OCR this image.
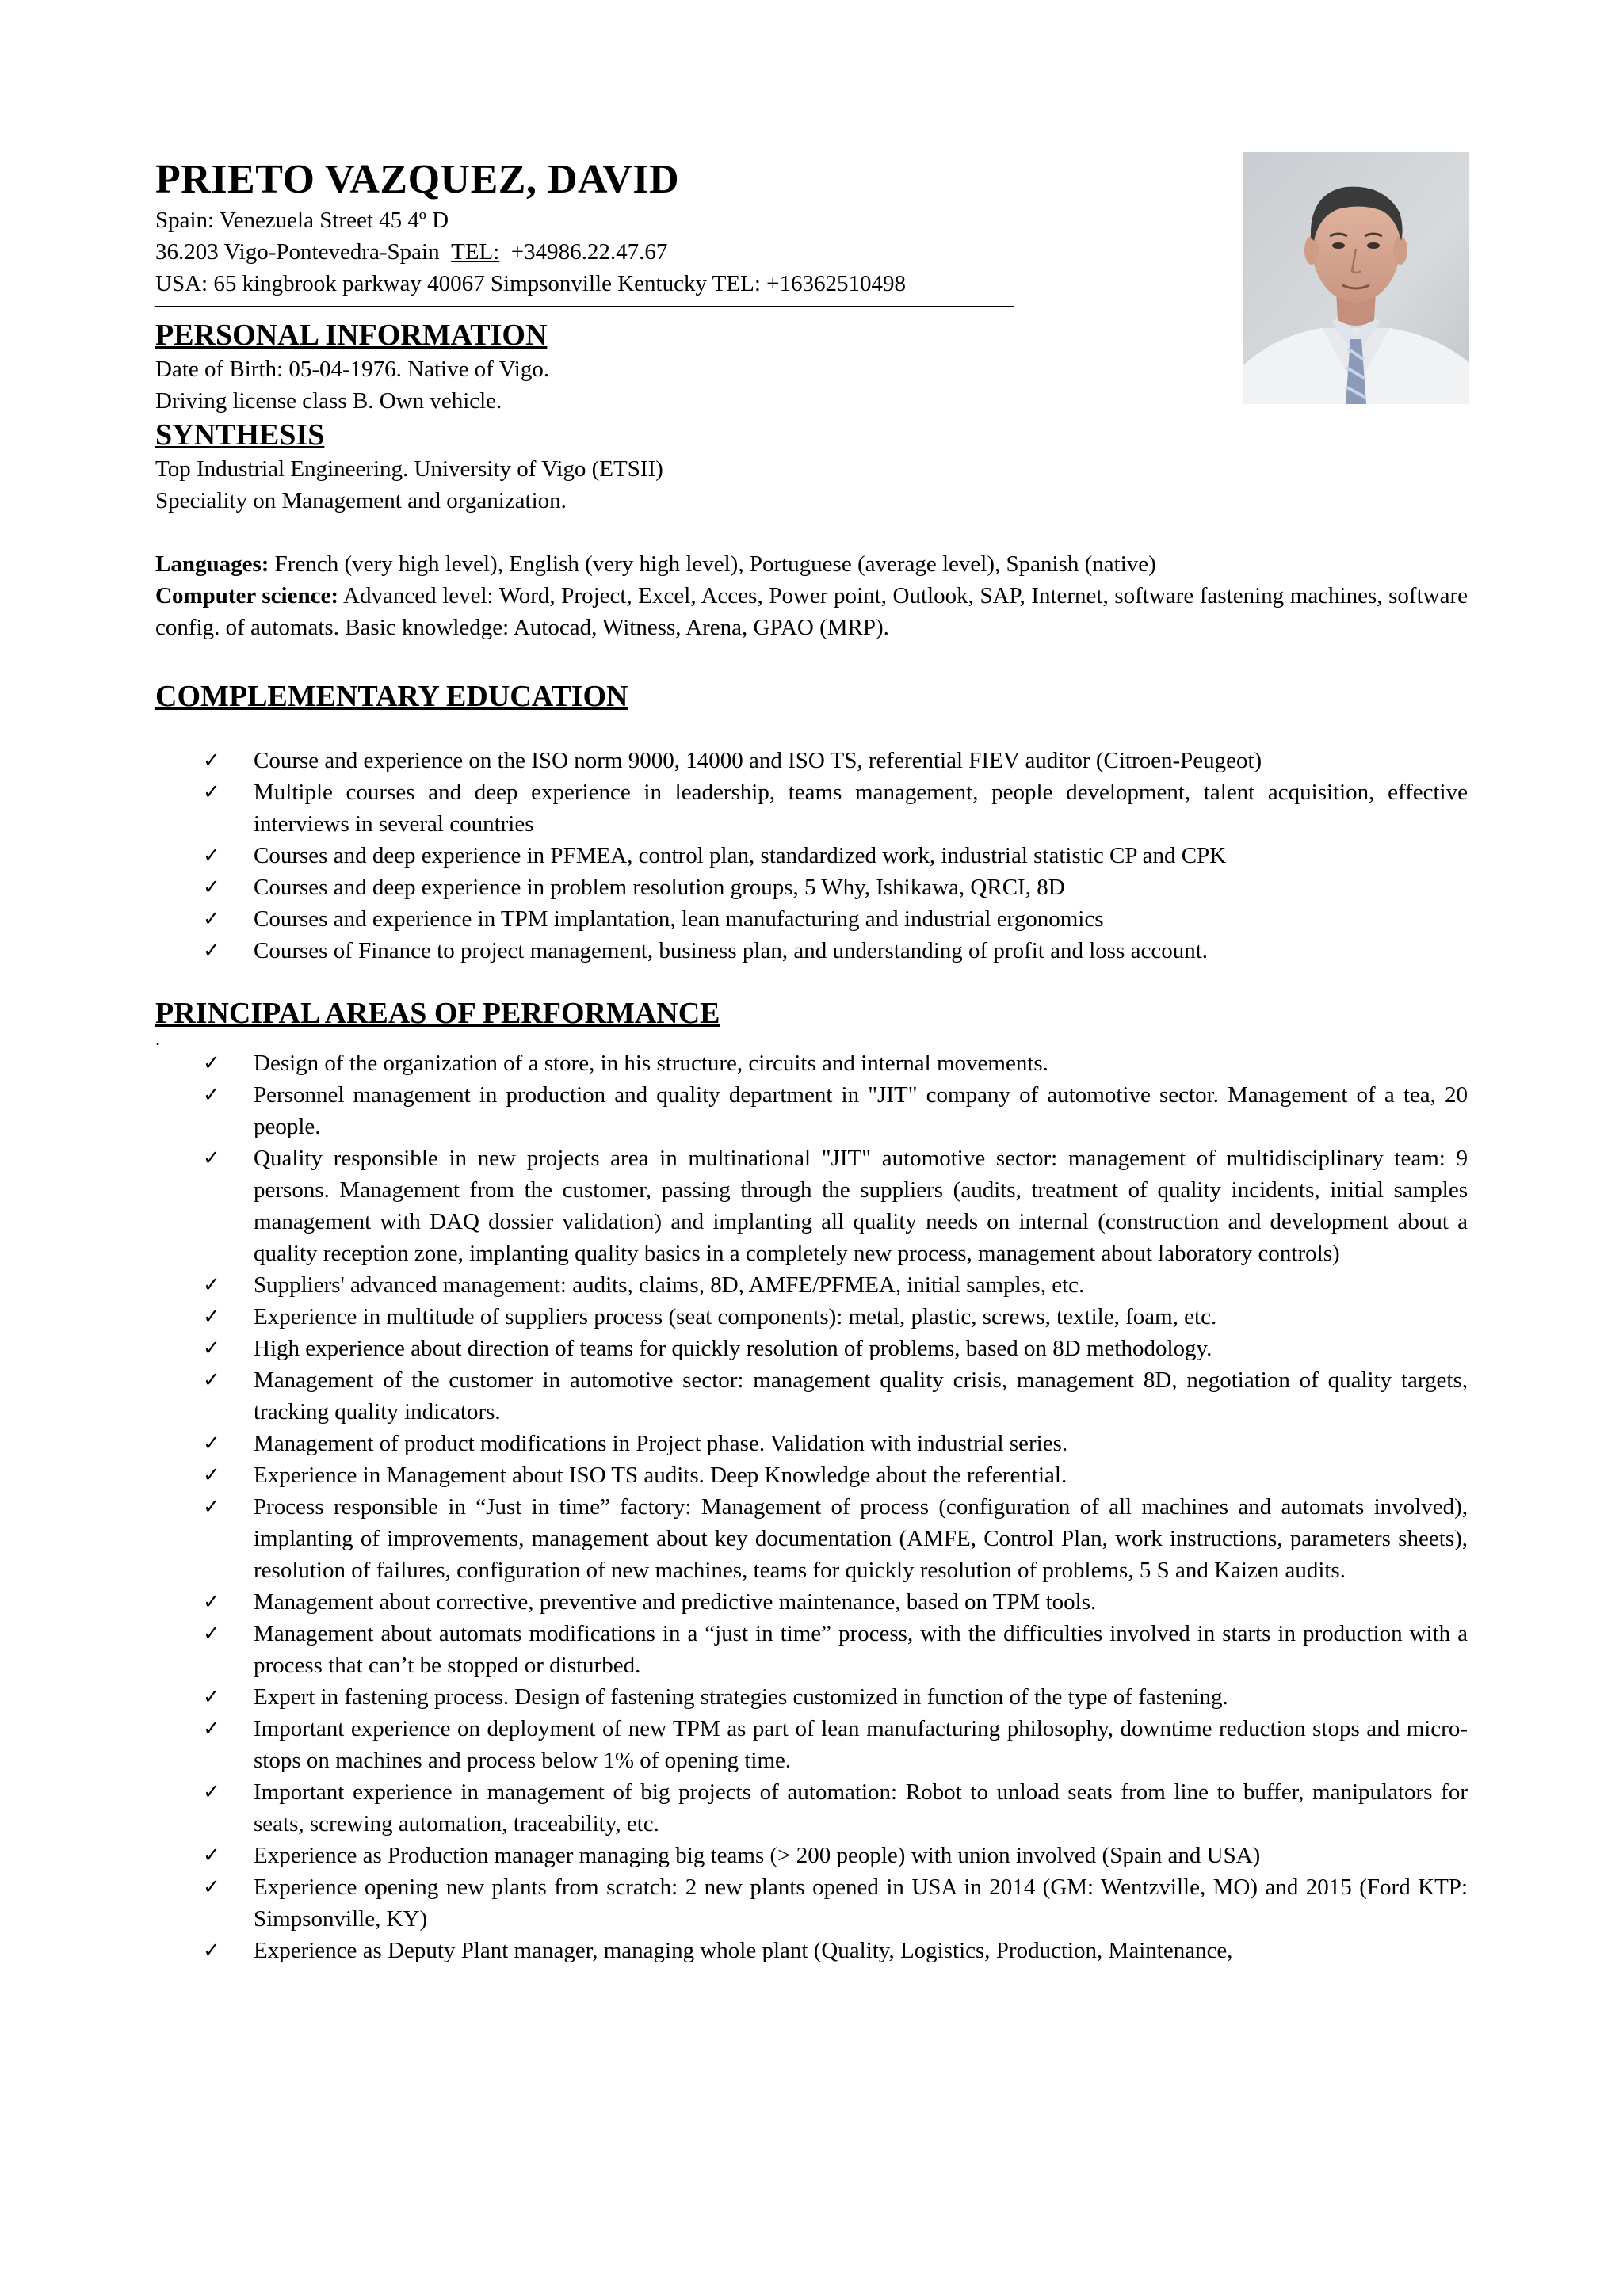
PRIETO VAZQUEZ, DAVID

Spain: Venezuela Street 45 4º D

36.203 Vigo-Pontevedra-Spain TEL: +34986.22.47.67

USA: 65 kingbrook parkway 40067 Simpsonville Kentucky TEL: +16362510498

PERSONAL INFORMATION

Date of Birth: 05-04-1976. Native of Vigo.

Driving license class B. Own vehicle.

SYNTHESIS

Top Industrial Engineering. University of Vigo (ETSII)

Speciality on Management and organization.

Languages: French (very high level), English (very high level), Portuguese (average level), Spanish (native)

Computer science: Advanced level: Word, Project, Excel, Acces, Power point, Outlook, SAP, Internet, software fastening machines, software config. of automats. Basic knowledge: Autocad, Witness, Arena, GPAO (MRP).

COMPLEMENTARY EDUCATION

✓ Course and experience on the ISO norm 9000, 14000 and ISO TS, referential FIEV auditor (Citroen-Peugeot)
✓ Multiple courses and deep experience in leadership, teams management, people development, talent acquisition, effective interviews in several countries
✓ Courses and deep experience in PFMEA, control plan, standardized work, industrial statistic CP and CPK
✓ Courses and deep experience in problem resolution groups, 5 Why, Ishikawa, QRCI, 8D
✓ Courses and experience in TPM implantation, lean manufacturing and industrial ergonomics
✓ Courses of Finance to project management, business plan, and understanding of profit and loss account.

PRINCIPAL AREAS OF PERFORMANCE

.

✓ Design of the organization of a store, in his structure, circuits and internal movements.
✓ Personnel management in production and quality department in "JIT" company of automotive sector. Management of a tea, 20 people.
✓ Quality responsible in new projects area in multinational "JIT" automotive sector: management of multidisciplinary team: 9 persons. Management from the customer, passing through the suppliers (audits, treatment of quality incidents, initial samples management with DAQ dossier validation) and implanting all quality needs on internal (construction and development about a quality reception zone, implanting quality basics in a completely new process, management about laboratory controls)
✓ Suppliers' advanced management: audits, claims, 8D, AMFE/PFMEA, initial samples, etc.
✓ Experience in multitude of suppliers process (seat components): metal, plastic, screws, textile, foam, etc.
✓ High experience about direction of teams for quickly resolution of problems, based on 8D methodology.
✓ Management of the customer in automotive sector: management quality crisis, management 8D, negotiation of quality targets, tracking quality indicators.
✓ Management of product modifications in Project phase. Validation with industrial series.
✓ Experience in Management about ISO TS audits. Deep Knowledge about the referential.
✓ Process responsible in “Just in time” factory: Management of process (configuration of all machines and automats involved), implanting of improvements, management about key documentation (AMFE, Control Plan, work instructions, parameters sheets), resolution of failures, configuration of new machines, teams for quickly resolution of problems, 5 S and Kaizen audits.
✓ Management about corrective, preventive and predictive maintenance, based on TPM tools.
✓ Management about automats modifications in a “just in time” process, with the difficulties involved in starts in production with a process that can’t be stopped or disturbed.
✓ Expert in fastening process. Design of fastening strategies customized in function of the type of fastening.
✓ Important experience on deployment of new TPM as part of lean manufacturing philosophy, downtime reduction stops and micro-stops on machines and process below 1% of opening time.
✓ Important experience in management of big projects of automation: Robot to unload seats from line to buffer, manipulators for seats, screwing automation, traceability, etc.
✓ Experience as Production manager managing big teams (> 200 people) with union involved (Spain and USA)
✓ Experience opening new plants from scratch: 2 new plants opened in USA in 2014 (GM: Wentzville, MO) and 2015 (Ford KTP: Simpsonville, KY)
✓ Experience as Deputy Plant manager, managing whole plant (Quality, Logistics, Production, Maintenance,
